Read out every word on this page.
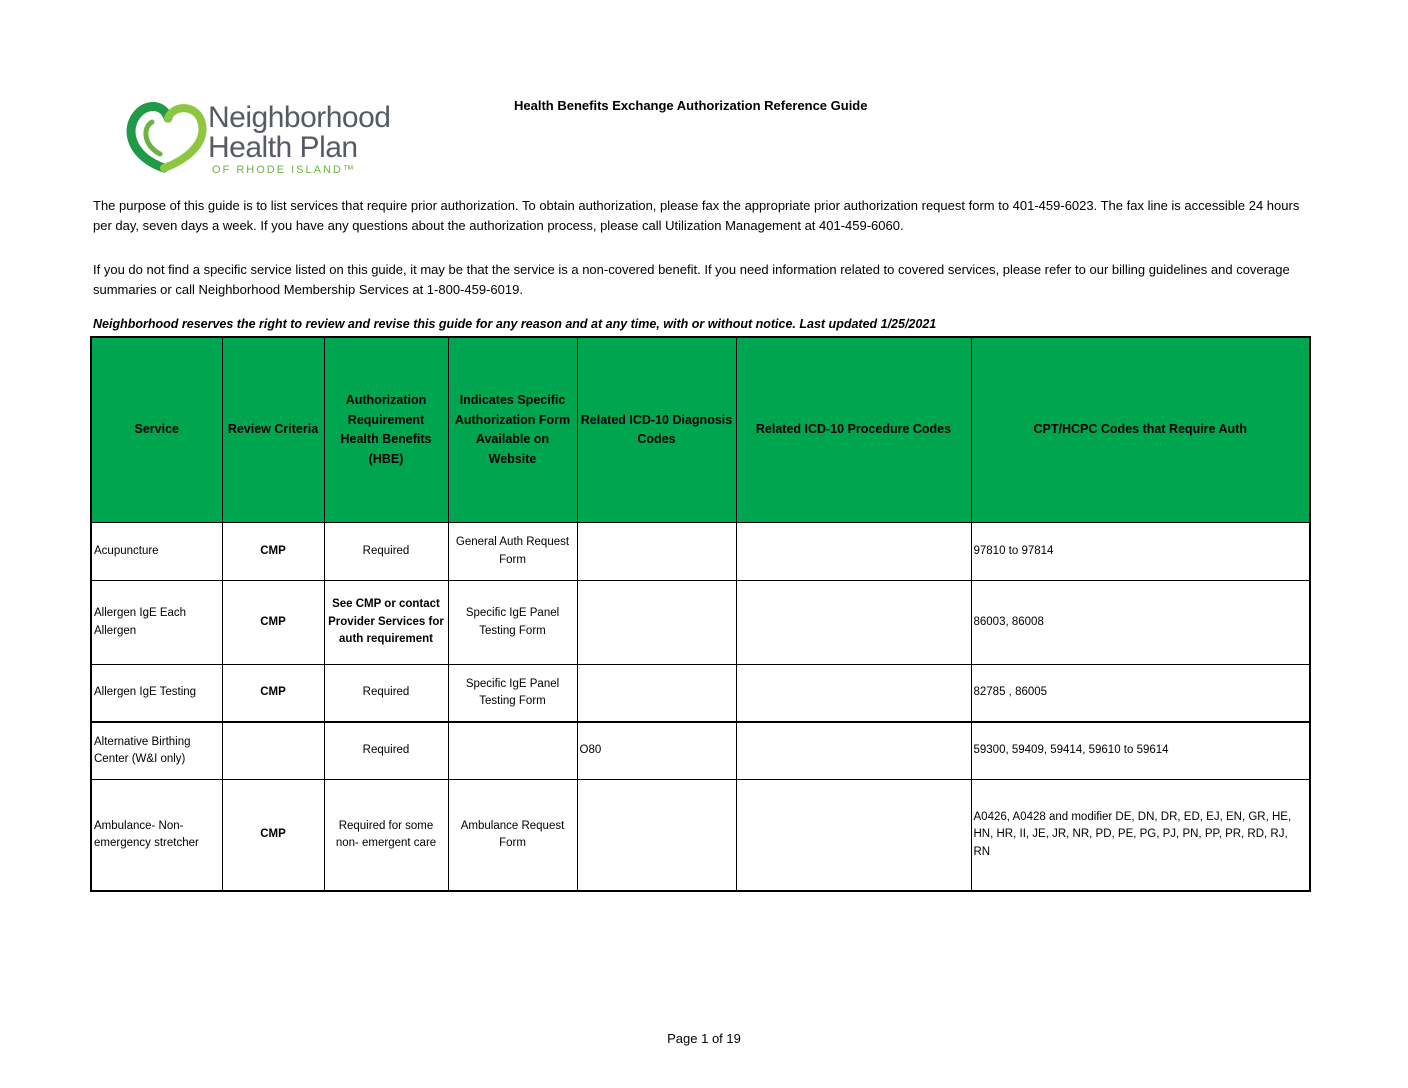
Neighborhood
Health Plan
OF RHODE ISLAND™
Health Benefits Exchange Authorization Reference Guide
The purpose of this guide is to list services that require prior authorization. To obtain authorization, please fax the appropriate prior authorization request form to 401-459-6023. The fax line is accessible 24 hours per day, seven days a week. If you have any questions about the authorization process, please call Utilization Management at 401-459-6060.
If you do not find a specific service listed on this guide, it may be that the service is a non-covered benefit. If you need information related to covered services, please refer to our billing guidelines and coverage summaries or call Neighborhood Membership Services at 1-800-459-6019.
Neighborhood reserves the right to review and revise this guide for any reason and at any time, with or without notice. Last updated 1/25/2021
Service	Review Criteria	Authorization Requirement Health Benefits (HBE)	Indicates Specific Authorization Form Available on Website	Related ICD-10 Diagnosis Codes	Related ICD-10 Procedure Codes	CPT/HCPC Codes that Require Auth
Acupuncture	CMP	Required	General Auth Request Form			97810 to 97814
Allergen IgE Each Allergen	CMP	See CMP or contact Provider Services for auth requirement	Specific IgE Panel Testing Form			86003, 86008
Allergen IgE Testing	CMP	Required	Specific IgE Panel Testing Form			82785 , 86005
Alternative Birthing Center (W&I only)		Required		O80		59300, 59409, 59414, 59610 to 59614
Ambulance- Non-emergency stretcher	CMP	Required for some non- emergent care	Ambulance Request Form			A0426, A0428 and modifier DE, DN, DR, ED, EJ, EN, GR, HE, HN, HR, II, JE, JR, NR, PD, PE, PG, PJ, PN, PP, PR, RD, RJ, RN
Page 1 of 19
